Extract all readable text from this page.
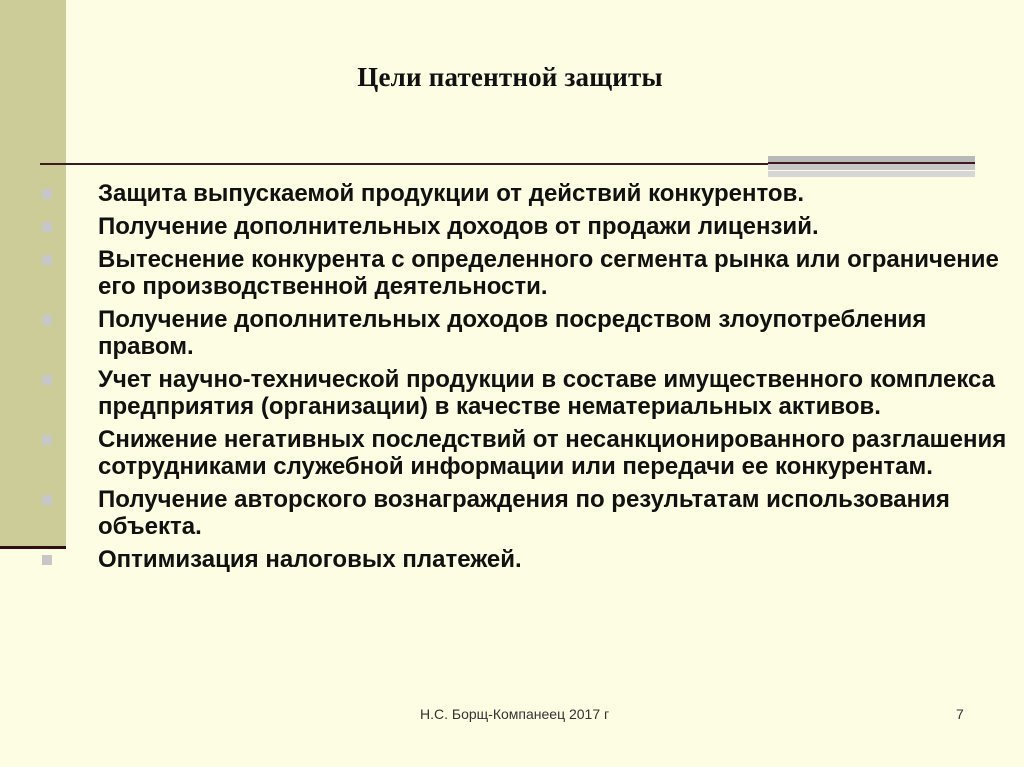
Цели патентной защиты
Защита выпускаемой продукции от действий конкурентов.
Получение дополнительных доходов от продажи лицензий.
Вытеснение конкурента с определенного сегмента рынка или ограничение его производственной деятельности.
Получение дополнительных доходов посредством злоупотребления правом.
Учет научно-технической продукции в составе имущественного комплекса предприятия (организации) в качестве нематериальных активов.
Снижение негативных последствий от несанкционированного разглашения сотрудниками служебной информации или передачи ее конкурентам.
Получение авторского вознаграждения по результатам использования объекта.
Оптимизация налоговых платежей.
Н.С. Борщ-Компанеец 2017 г	7
